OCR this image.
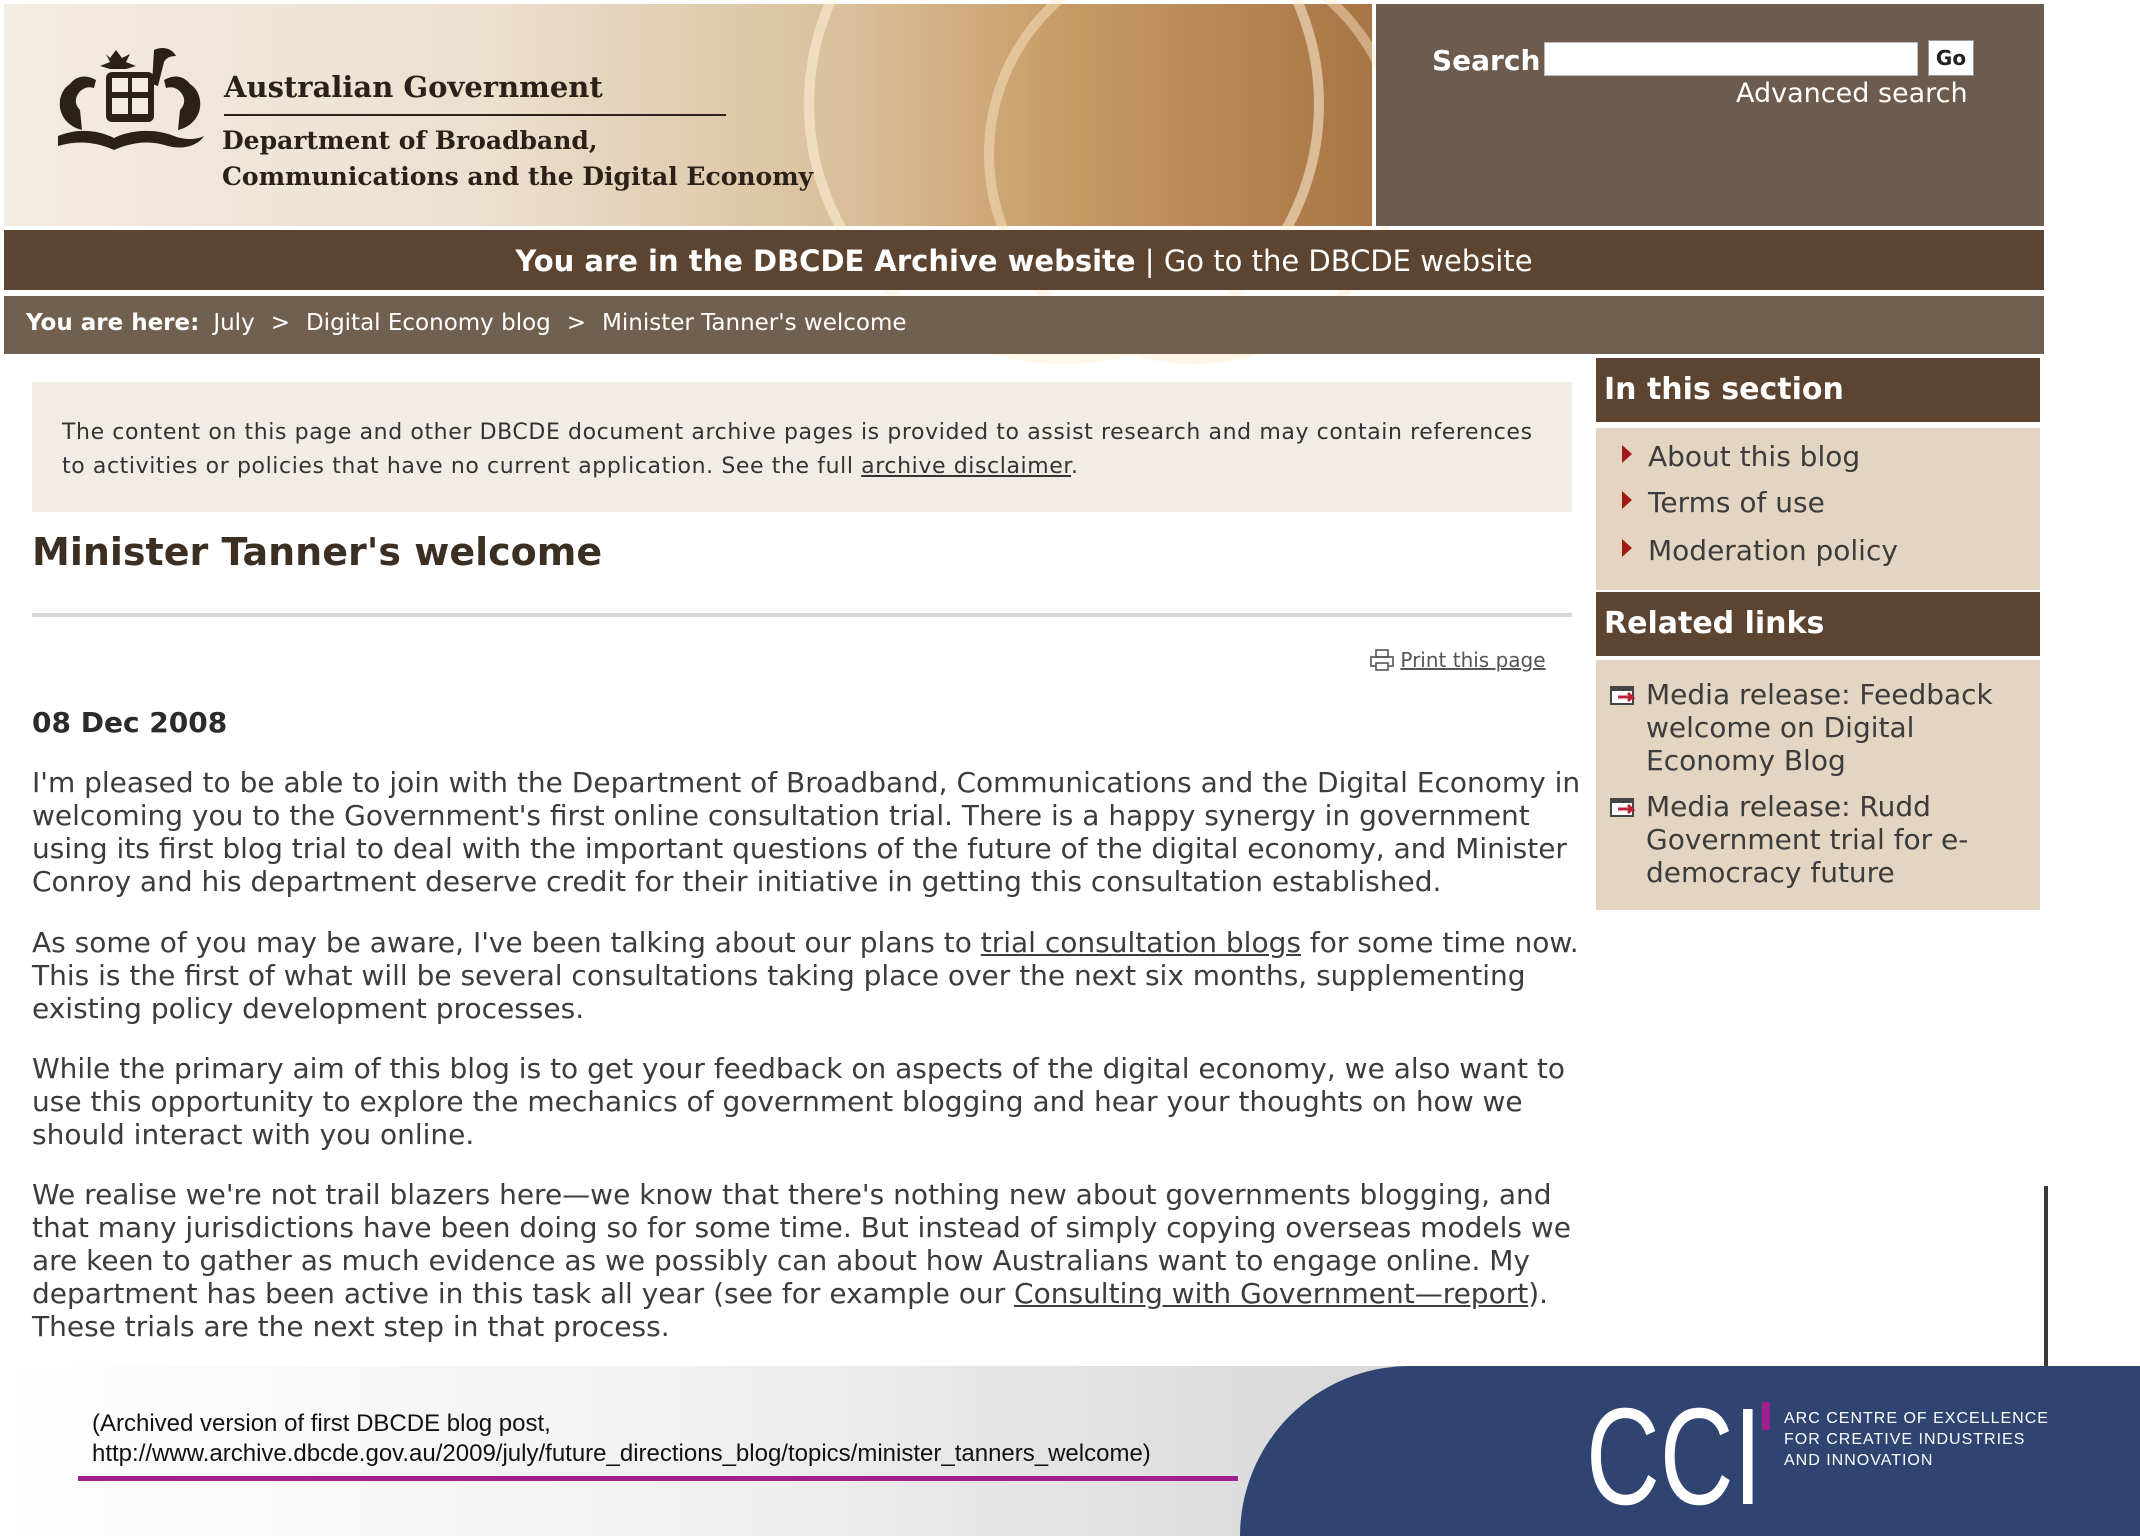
Australian Government
Department of Broadband,
Communications and the Digital Economy
Search	Go
Advanced search
You are in the DBCDE Archive website | Go to the DBCDE website
You are here: July > Digital Economy blog > Minister Tanner's welcome

The content on this page and other DBCDE document archive pages is provided to assist research and may contain references to activities or policies that have no current application. See the full archive disclaimer.

Minister Tanner's welcome
Print this page
08 Dec 2008

I'm pleased to be able to join with the Department of Broadband, Communications and the Digital Economy in welcoming you to the Government's first online consultation trial. There is a happy synergy in government using its first blog trial to deal with the important questions of the future of the digital economy, and Minister Conroy and his department deserve credit for their initiative in getting this consultation established.

As some of you may be aware, I've been talking about our plans to trial consultation blogs for some time now. This is the first of what will be several consultations taking place over the next six months, supplementing existing policy development processes.

While the primary aim of this blog is to get your feedback on aspects of the digital economy, we also want to use this opportunity to explore the mechanics of government blogging and hear your thoughts on how we should interact with you online.

We realise we're not trail blazers here—we know that there's nothing new about governments blogging, and that many jurisdictions have been doing so for some time. But instead of simply copying overseas models we are keen to gather as much evidence as we possibly can about how Australians want to engage online. My department has been active in this task all year (see for example our Consulting with Government—report). These trials are the next step in that process.

In this section
About this blog
Terms of use
Moderation policy
Related links
Media release: Feedback welcome on Digital Economy Blog
Media release: Rudd Government trial for e-democracy future
(Archived version of first DBCDE blog post,
http://www.archive.dbcde.gov.au/2009/july/future_directions_blog/topics/minister_tanners_welcome)	CCI ARC CENTRE OF EXCELLENCE
FOR CREATIVE INDUSTRIES
AND INNOVATION
